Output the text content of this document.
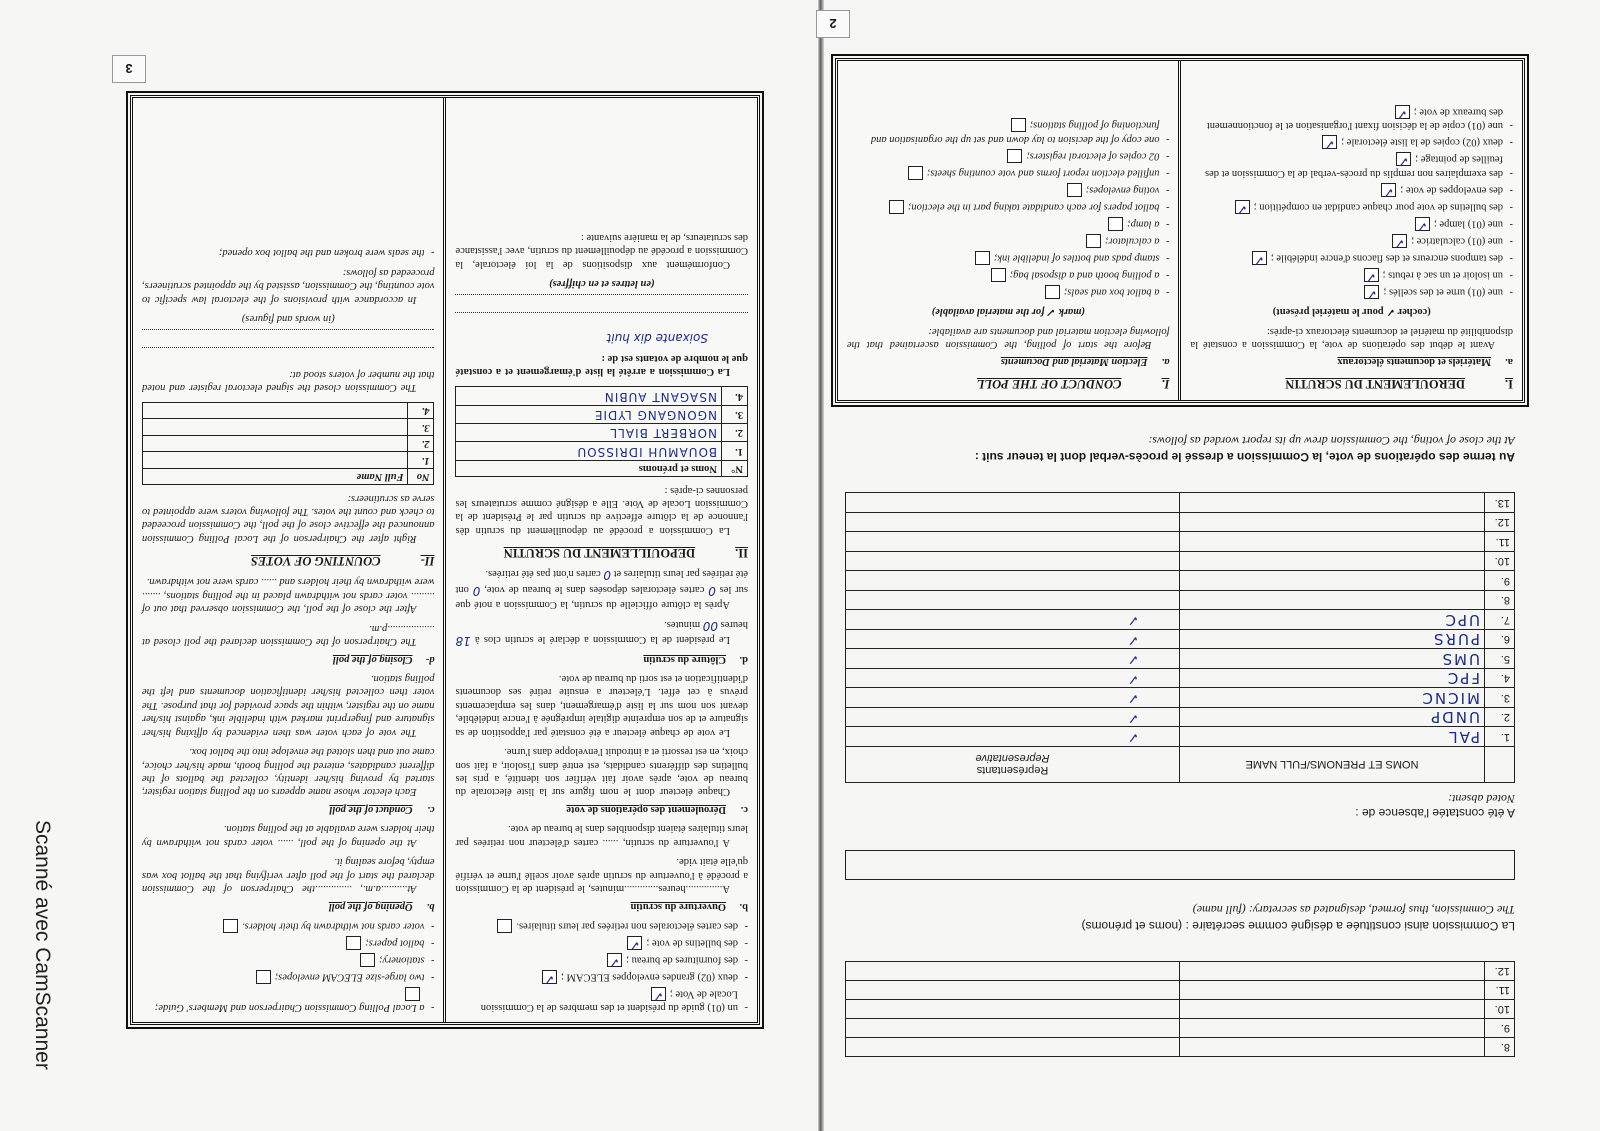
Scanné avec CamScanner
3
2
- un (01) guide du président et des membres de la Commission Locale de Vote ;✓
- deux (02) grandes enveloppes ELECAM ;✓
- des fournitures de bureau ;✓
- des bulletins de vote ;✓
- des cartes électorales non retirées par leurs titulaires.
b.Ouverture du scrutin

A..............heures.............minutes, le président de la Commission a procédé à l'ouverture du scrutin après avoir scellé l'urne et vérifié qu'elle était vide.

A l'ouverture du scrutin, ...... cartes d'électeur non retirées par leurs titulaires étaient disponibles dans le bureau de vote.

c.Déroulement des opérations de vote

Chaque électeur dont le nom figure sur la liste électorale du bureau de vote, après avoir fait vérifier son identité, a pris les bulletins des différents candidats, est entré dans l'isoloir, a fait son choix, en est ressorti et a introduit l'enveloppe dans l'urne.

Le vote de chaque électeur a été constaté par l'apposition de sa signature et de son empreinte digitale imprégnée à l'encre indélébile, devant son nom sur la liste d'émargement, dans les emplacements prévus à cet effet. L'électeur a ensuite retiré ses documents d'identification et est sorti du bureau de vote.

d.Clôture du scrutin

Le président de la Commission a déclaré le scrutin clos à 18 heures 00 minutes.

Après la clôture officielle du scrutin, la Commission a noté que sur les 0 cartes électorales déposées dans le bureau de vote, 0 ont été retirées par leurs titulaires et 0 cartes n'ont pas été retirées.

II.
DEPOUILLEMENT DU SCRUTIN

La Commission a procédé au dépouillement du scrutin dès l'annonce de la clôture effective du scrutin par le Président de la Commission Locale de Vote. Elle a désigné comme scrutateurs les personnes ci-après :

N°	Noms et prénoms
1.	BOUAMUH IDRISSOU
2.	NORBERT BIALL
3.	NGONGANG LYDIE
4.	NSAGANT AUBIN

La Commission a arrêté la liste d'émargement et a constaté que le nombre de votants est de :

Soixante dix huit

(en lettres et en chiffres)

Conformément aux dispositions de la loi électorale, la Commission a procédé au dépouillement du scrutin, avec l'assistance des scrutateurs, de la manière suivante :

- a Local Polling Commission Chairperson and Members' Guide;
- two large-size ELECAM envelopes;
- stationery;
- ballot papers;
- voter cards not withdrawn by their holders.
b.Opening of the poll

At..........a.m., ..............the Chairperson of the Commission declared the start of the poll after verifying that the ballot box was empty, before sealing it.

At the opening of the poll, ...... voter cards not withdrawn by their holders were available at the polling station.

c.Conduct of the poll

Each elector whose name appears on the polling station register, started by proving his/her identity, collected the ballots of the different candidates, entered the polling booth, made his/her choice, came out and then slotted the envelope into the ballot box.

The vote of each voter was then evidenced by affixing his/her signature and fingerprint marked with indelible ink, against his/her name on the register, within the space provided for that purpose. The voter then collected his/her identification documents and left the polling station.

d-Closing of the poll

The Chairperson of the Commission declared the poll closed at ..................p.m.

After the close of the poll, the Commission observed that out of ......... voter cards not withdrawn placed in the polling stations, ....... were withdrawn by their holders and ...... cards were not withdrawn.

II-
COUNTING OF VOTES

Right after the Chairperson of the Local Polling Commission announced the effective close of the poll, the Commission proceeded to check and count the votes. The following voters were appointed to serve as scrutineers:

No	Full Name
1.	
2.	
3.	
4.	

The Commission closed the signed electoral register and noted that the number of voters stood at:

(in words and figures)

In accordance with provisions of the electoral law specific to vote counting, the Commission, assisted by the appointed scrutineers, proceeded as follows:

- the seals were broken and the ballot box opened;
8.		
9.		
10.		
11.		
12.		
La Commission ainsi constituée a désigné comme secrétaire : (noms et prénoms)
The Commission, thus formed, designated as secretary: (full name)
A été constatée l'absence de :
Noted absent:
	NOMS ET PRENOMS/FULL NAME	Représentants
Representative

1.	PAL	✓
2.	UNDP	✓
3.	MICNC	✓
4.	FPC	✓
5.	UMS	✓
6.	PURS	✓
7.	UPC	✓
8.		
9.		
10.		
11.		
12.		
13.		
Au terme des opérations de vote, la Commission a dressé le procès-verbal dont la teneur suit :
At the close of voting, the Commission drew up its report worded as follows:
I.
DEROULEMENT DU SCRUTIN
a.Matériels et documents électoraux

Avant le début des opérations de vote, la Commission a constaté la disponibilité du matériel et documents électoraux ci-après:

(cocher ✓ pour le matériel présent)

- une (01) urne et des scellés ;✓
- un isoloir et un sac à rebuts ;✓
- des tampons encreurs et des flacons d'encre indélébile ;✓
- une (01) calculatrice ;✓
- une (01) lampe ;✓
- des bulletins de vote pour chaque candidat en compétition ;✓
- des enveloppes de vote ;✓
- des exemplaires non remplis du procès-verbal de la Commission et des feuilles de pointage ;✓
- deux (02) copies de la liste électorale ;✓
- une (01) copie de la décision fixant l'organisation et le fonctionnement des bureaux de vote ;✓
I.
CONDUCT OF THE POLL
a.Election Material and Documents

Before the start of polling, the Commission ascertained that the following election material and documents are available:

(mark ✓ for the material available)

- a ballot box and seals;
- a polling booth and a disposal bag;
- stamp pads and bottles of indelible ink;
- a calculator;
- a lamp;
- ballot papers for each candidate taking part in the election;
- voting envelopes;
- unfilled election report forms and vote counting sheets;
- 02 copies of electoral registers;
- one copy of the decision to lay down and set up the organisation and functioning of polling stations;
